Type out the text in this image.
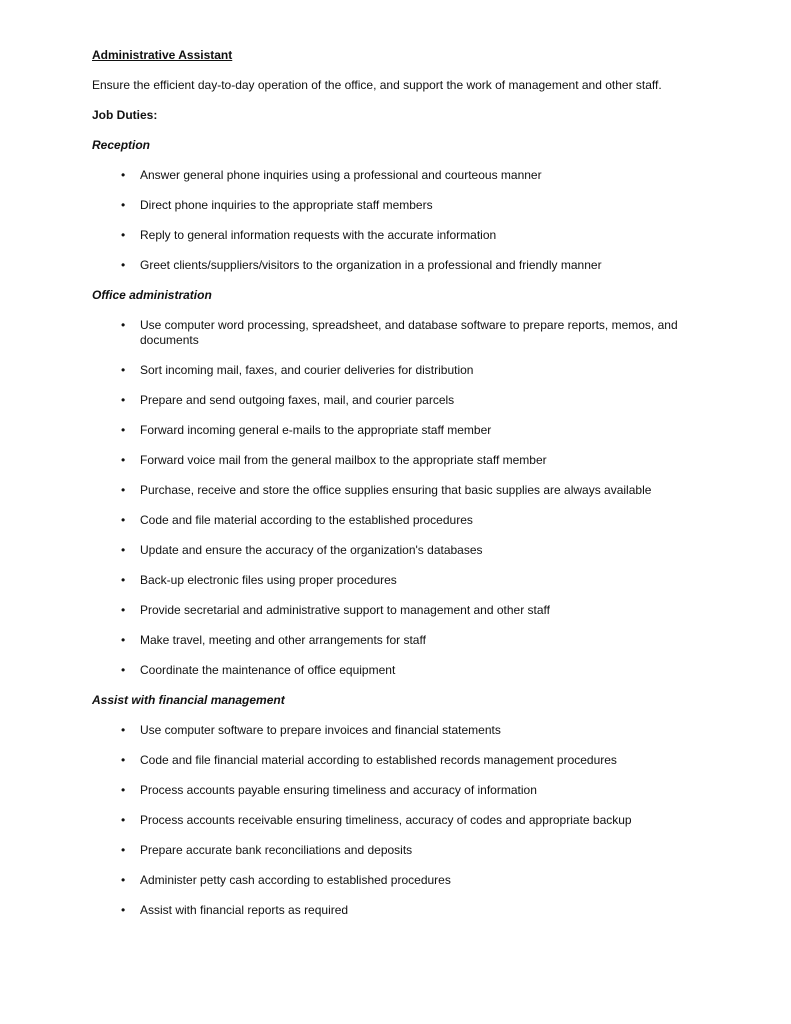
Administrative Assistant

Ensure the efficient day-to-day operation of the office, and support the work of management and other staff.

Job Duties:

Reception

• Answer general phone inquiries using a professional and courteous manner
• Direct phone inquiries to the appropriate staff members
• Reply to general information requests with the accurate information
• Greet clients/suppliers/visitors to the organization in a professional and friendly manner

Office administration

• Use computer word processing, spreadsheet, and database software to prepare reports, memos, and documents
• Sort incoming mail, faxes, and courier deliveries for distribution
• Prepare and send outgoing faxes, mail, and courier parcels
• Forward incoming general e-mails to the appropriate staff member
• Forward voice mail from the general mailbox to the appropriate staff member
• Purchase, receive and store the office supplies ensuring that basic supplies are always available
• Code and file material according to the established procedures
• Update and ensure the accuracy of the organization's databases
• Back-up electronic files using proper procedures
• Provide secretarial and administrative support to management and other staff
• Make travel, meeting and other arrangements for staff
• Coordinate the maintenance of office equipment

Assist with financial management

• Use computer software to prepare invoices and financial statements
• Code and file financial material according to established records management procedures
• Process accounts payable ensuring timeliness and accuracy of information
• Process accounts receivable ensuring timeliness, accuracy of codes and appropriate backup
• Prepare accurate bank reconciliations and deposits
• Administer petty cash according to established procedures
• Assist with financial reports as required
